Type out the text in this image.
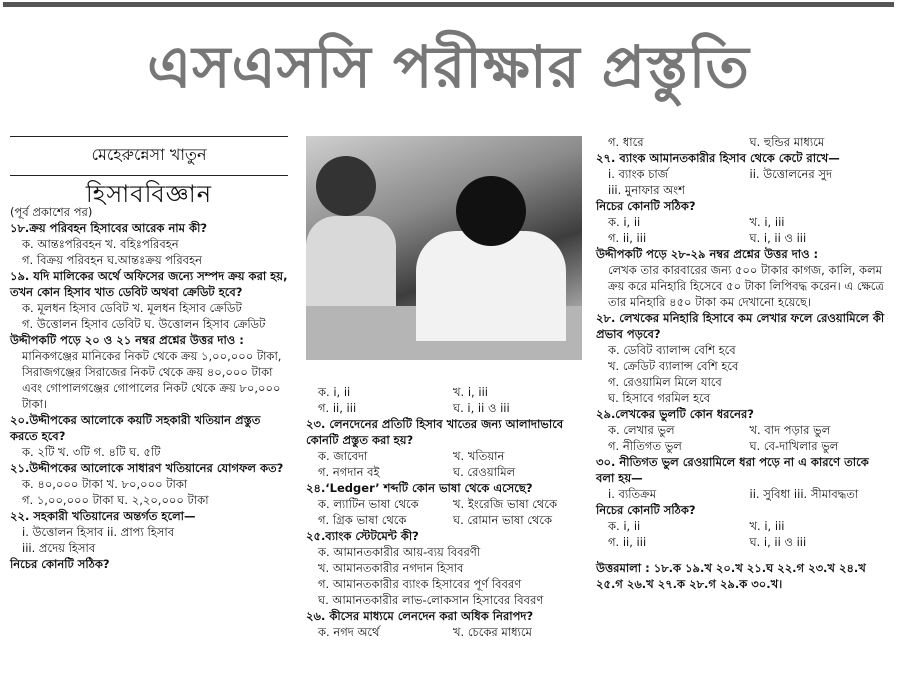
এসএসসি পরীক্ষার প্রস্তুতি
মেহেরুন্নেসা খাতুন
হিসাববিজ্ঞান
(পূর্ব প্রকাশের পর)
১৮.ক্রয় পরিবহন হিসাবের আরেক নাম কী?
ক. আন্তঃপরিবহন খ. বহিঃপরিবহন
গ. বিক্রয় পরিবহন ঘ.আন্তঃক্রয় পরিবহন
১৯. যদি মালিকের অর্থে অফিসের জন্যে সম্পদ ক্রয় করা হয়, তখন কোন হিসাব খাত ডেবিট অথবা ক্রেডিট হবে?
ক. মূলধন হিসাব ডেবিট খ. মূলধন হিসাব ক্রেডিট
গ. উত্তোলন হিসাব ডেবিট ঘ. উত্তোলন হিসাব ক্রেডিট
উদ্দীপকটি পড়ে ২০ ও ২১ নম্বর প্রশ্নের উত্তর দাও :
মানিকগঞ্জের মানিকের নিকট থেকে ক্রয় ১,০০,০০০ টাকা, সিরাজগঞ্জের সিরাজের নিকট থেকে ক্রয় ৪০,০০০ টাকা এবং গোপালগঞ্জের গোপালের নিকট থেকে ক্রয় ৮০,০০০ টাকা।
২০.উদ্দীপকের আলোকে কয়টি সহকারী খতিয়ান প্রস্তুত করতে হবে?
ক. ২টি খ. ৩টি গ. ৪টি ঘ. ৫টি
২১.উদ্দীপকের আলোকে সাধারণ খতিয়ানের যোগফল কত?
ক. ৪০,০০০ টাকা খ. ৮০,০০০ টাকা
গ. ১,০০,০০০ টাকা ঘ. ২,২০,০০০ টাকা
২২. সহকারী খতিয়ানের অন্তর্গত হলো—
i. উত্তোলন হিসাব ii. প্রাপ্য হিসাব
iii. প্রদেয় হিসাব
নিচের কোনটি সঠিক?
ক. i, ii	খ. i, iii
গ. ii, iii	ঘ. i, ii ও iii
২৩. লেনদেনের প্রতিটি হিসাব খাতের জন্য আলাদাভাবে কোনটি প্রস্তুত করা হয়?
ক. জাবেদা	খ. খতিয়ান
গ. নগদান বই	ঘ. রেওয়ামিল
২৪.‘Ledger’ শব্দটি কোন ভাষা থেকে এসেছে?
ক. ল্যাটিন ভাষা থেকে	খ. ইংরেজি ভাষা থেকে
গ. গ্রিক ভাষা থেকে	ঘ. রোমান ভাষা থেকে
২৫.ব্যাংক স্টেটমেন্ট কী?
ক. আমানতকারীর আয়-ব্যয় বিবরণী
খ. আমানতকারীর নগদান হিসাব
গ. আমানতকারীর ব্যাংক হিসাবের পূর্ণ বিবরণ
ঘ. আমানতকারীর লাভ-লোকসান হিসাবের বিবরণ
২৬. কীসের মাধ্যমে লেনদেন করা অধিক নিরাপদ?
ক. নগদ অর্থে	খ. চেকের মাধ্যমে
গ. ধারে	ঘ. হুন্ডির মাধ্যমে
২৭. ব্যাংক আমানতকারীর হিসাব থেকে কেটে রাখে—
i. ব্যাংক চার্জ	ii. উত্তোলনের সুদ
iii. মুনাফার অংশ
নিচের কোনটি সঠিক?
ক. i, ii	খ. i, iii
গ. ii, iii	ঘ. i, ii ও iii
উদ্দীপকটি পড়ে ২৮-২৯ নম্বর প্রশ্নের উত্তর দাও :
লেখক তার কারবারের জন্য ৫০০ টাকার কাগজ, কালি, কলম ক্রয় করে মনিহারি হিসেবে ৫০ টাকা লিপিবদ্ধ করেন। এ ক্ষেত্রে তার মনিহারি ৪৫০ টাকা কম দেখানো হয়েছে।
২৮. লেখকের মনিহারি হিসাবে কম লেখার ফলে রেওয়ামিলে কী প্রভাব পড়বে?
ক. ডেবিট ব্যালান্স বেশি হবে
খ. ক্রেডিট ব্যালান্স বেশি হবে
গ. রেওয়ামিল মিলে যাবে
ঘ. হিসাবে গরমিল হবে
২৯.লেখকের ভুলটি কোন ধরনের?
ক. লেখার ভুল	খ. বাদ পড়ার ভুল
গ. নীতিগত ভুল	ঘ. বে-দাখিলার ভুল
৩০. নীতিগত ভুল রেওয়ামিলে ধরা পড়ে না এ কারণে তাকে বলা হয়—
i. ব্যতিক্রম	ii. সুবিধা iii. সীমাবদ্ধতা
নিচের কোনটি সঠিক?
ক. i, ii	খ. i, iii
গ. ii, iii	ঘ. i, ii ও iii
উত্তরমালা : ১৮.ক ১৯.খ ২০.খ ২১.ঘ ২২.গ ২৩.খ ২৪.খ ২৫.গ ২৬.খ ২৭.ক ২৮.গ ২৯.ক ৩০.খ।
